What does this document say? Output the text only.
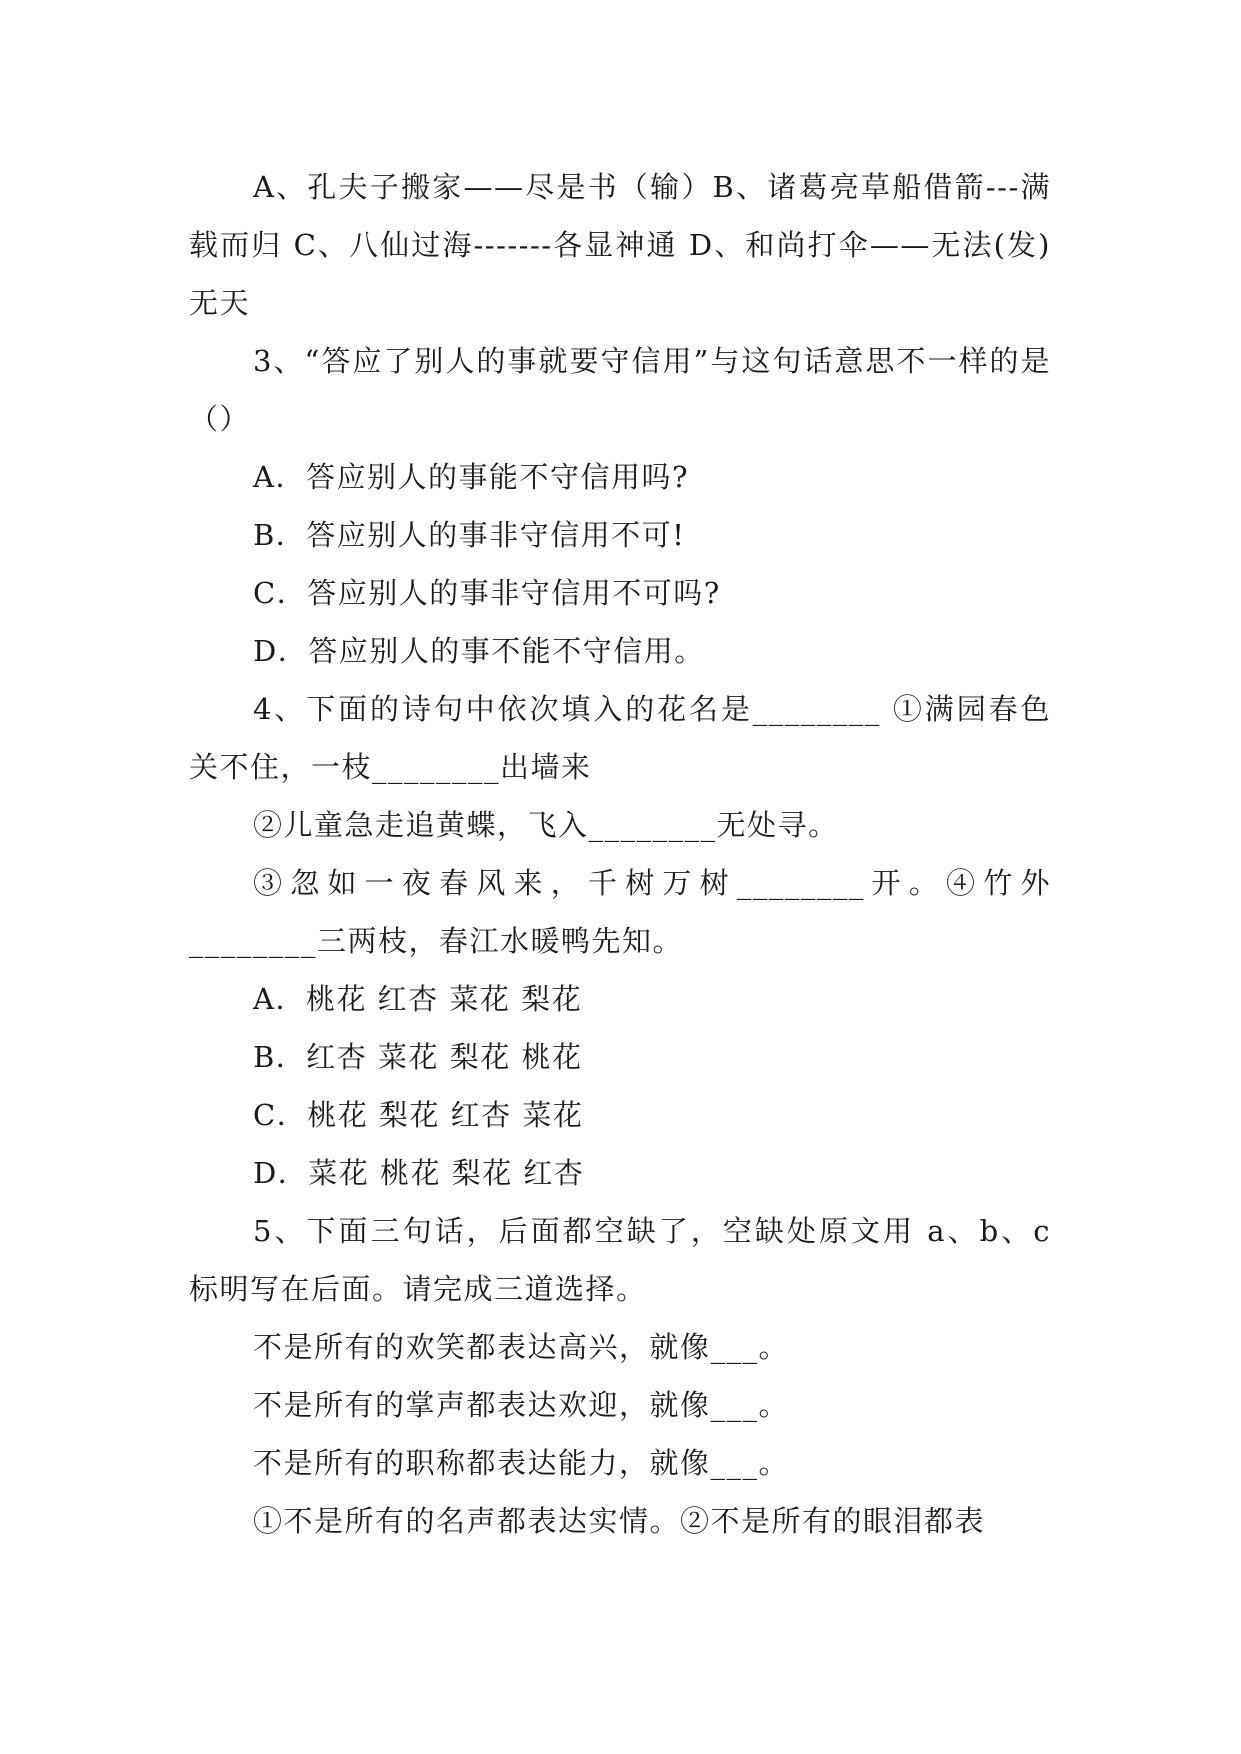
A、孔夫子搬家——尽是书（输）B、诸葛亮草船借箭---满载而归 C、八仙过海-------各显神通 D、和尚打伞——无法(发)无天

3、“答应了别人的事就要守信用”与这句话意思不一样的是（）

A．答应别人的事能不守信用吗?

B．答应别人的事非守信用不可!

C．答应别人的事非守信用不可吗?

D．答应别人的事不能不守信用。

4、下面的诗句中依次填入的花名是________ ①满园春色关不住，一枝________出墙来

②儿童急走追黄蝶，飞入________无处寻。

③忽如一夜春风来，千树万树________开。④竹外________三两枝，春江水暖鸭先知。

A．桃花 红杏 菜花 梨花

B．红杏 菜花 梨花 桃花

C．桃花 梨花 红杏 菜花

D．菜花 桃花 梨花 红杏

5、下面三句话，后面都空缺了，空缺处原文用 a、b、c 标明写在后面。请完成三道选择。

不是所有的欢笑都表达高兴，就像___。

不是所有的掌声都表达欢迎，就像___。

不是所有的职称都表达能力，就像___。

①不是所有的名声都表达实情。②不是所有的眼泪都表
